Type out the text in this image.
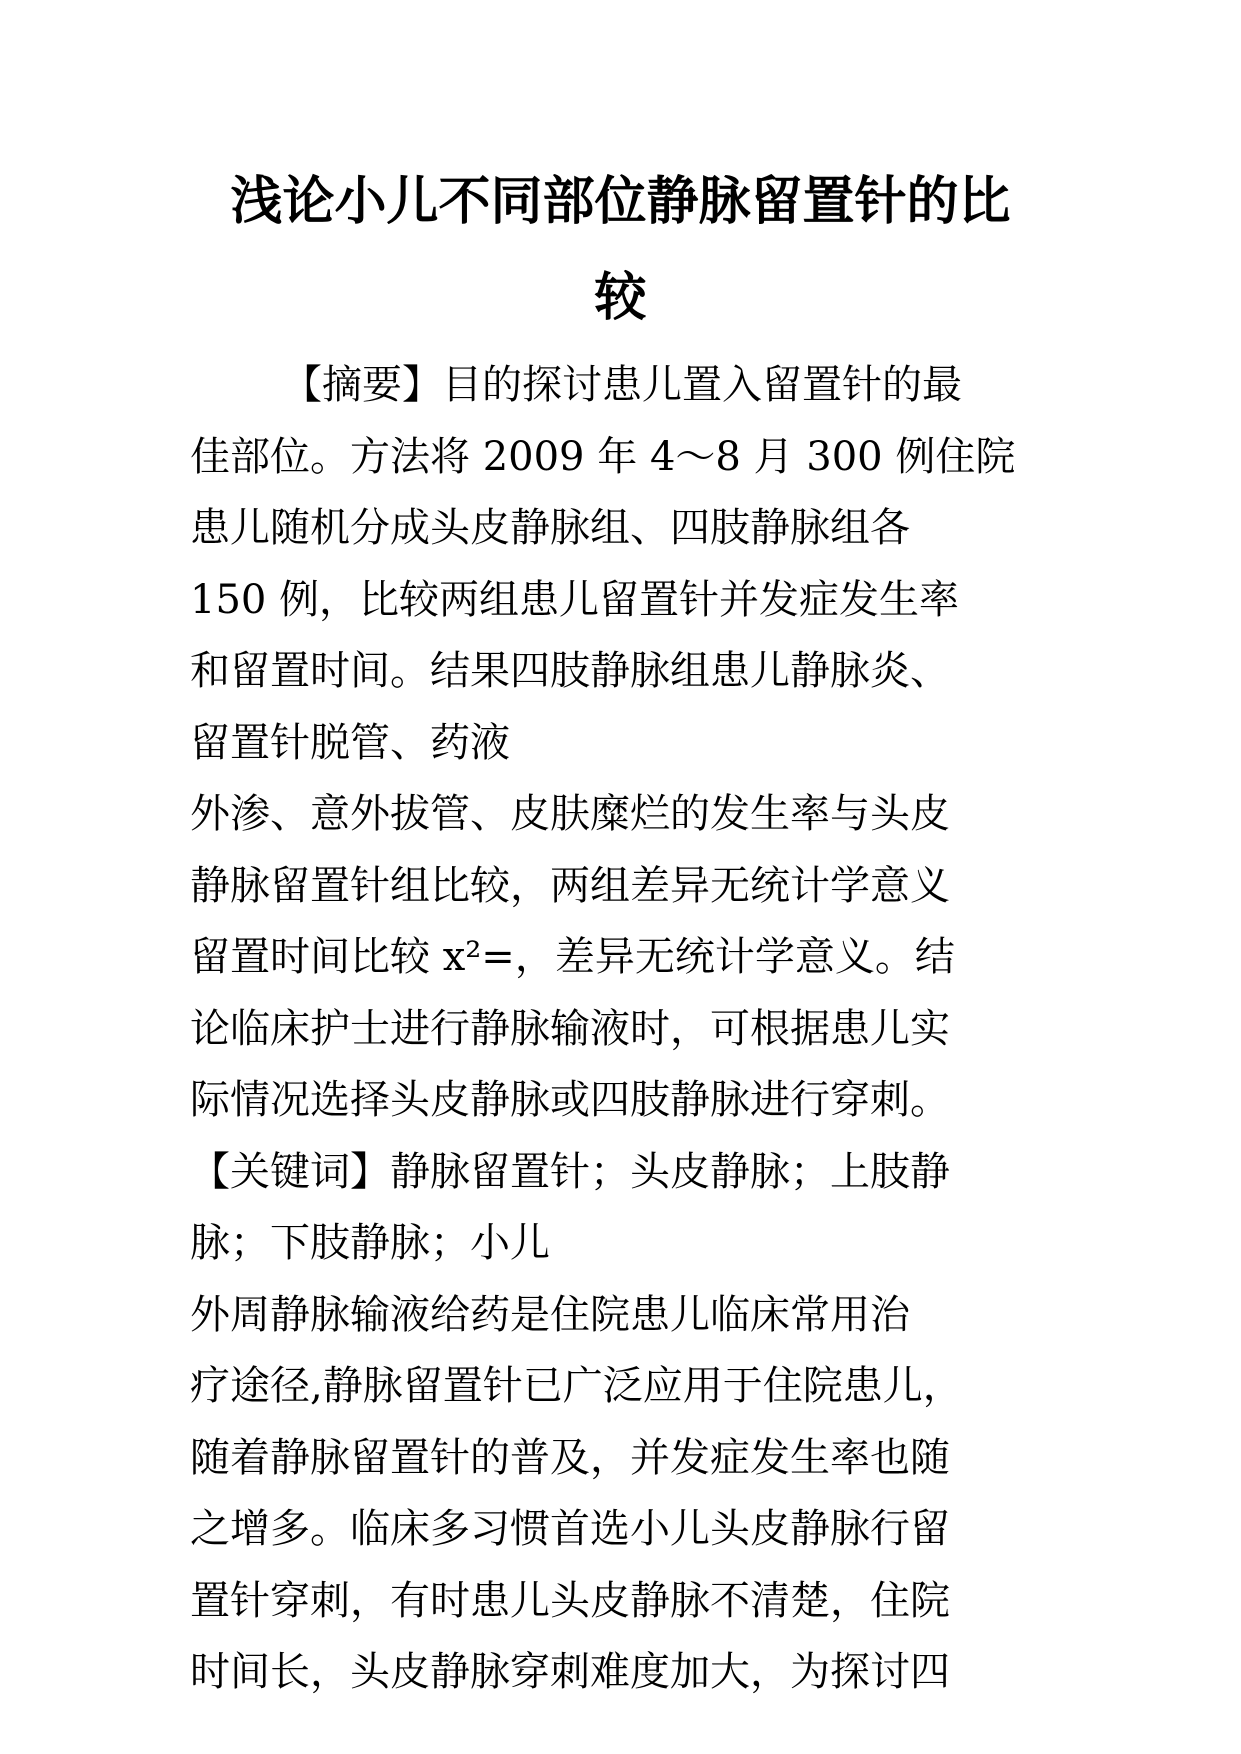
浅论小儿不同部位静脉留置针的比
较
【摘要】目的探讨患儿置入留置针的最
佳部位。方法将 2009 年 4～8 月 300 例住院
患儿随机分成头皮静脉组、四肢静脉组各
150 例，比较两组患儿留置针并发症发生率
和留置时间。结果四肢静脉组患儿静脉炎、
留置针脱管、药液
外渗、意外拔管、皮肤糜烂的发生率与头皮
静脉留置针组比较，两组差异无统计学意义
留置时间比较 x²=，差异无统计学意义。结
论临床护士进行静脉输液时，可根据患儿实
际情况选择头皮静脉或四肢静脉进行穿刺。
【关键词】静脉留置针；头皮静脉；上肢静
脉；下肢静脉；小儿
外周静脉输液给药是住院患儿临床常用治
疗途径,静脉留置针已广泛应用于住院患儿，
随着静脉留置针的普及，并发症发生率也随
之增多。临床多习惯首选小儿头皮静脉行留
置针穿刺，有时患儿头皮静脉不清楚，住院
时间长，头皮静脉穿刺难度加大，为探讨四
